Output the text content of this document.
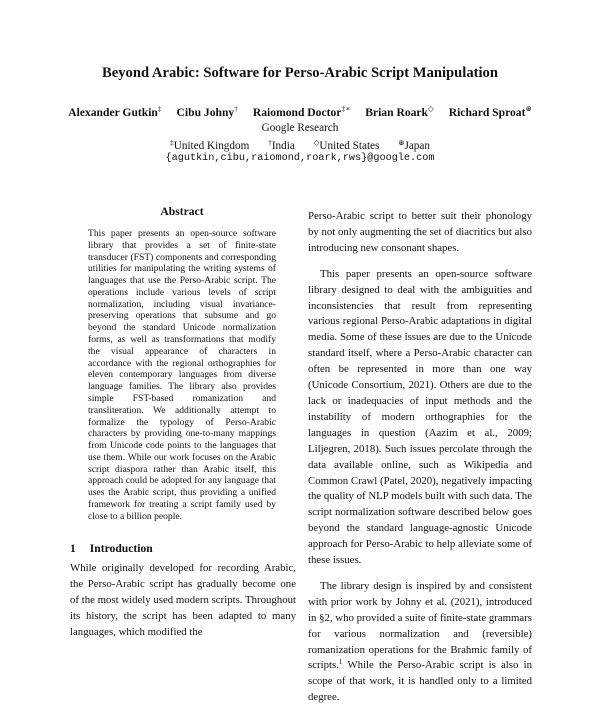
Beyond Arabic: Software for Perso-Arabic Script Manipulation
Alexander Gutkin‡ Cibu Johny† Raiomond Doctor‡∗ Brian Roark◇ Richard Sproat⊛
Google Research
‡United Kingdom	†India	◇United States	⊛Japan
{agutkin,cibu,raiomond,roark,rws}@google.com
Abstract
This paper presents an open-source software library that provides a set of finite-state transducer (FST) components and corresponding utilities for manipulating the writing systems of languages that use the Perso-Arabic script. The operations include various levels of script normalization, including visual invariance-preserving operations that subsume and go beyond the standard Unicode normalization forms, as well as transformations that modify the visual appearance of characters in accordance with the regional orthographies for eleven contemporary languages from diverse language families. The library also provides simple FST-based romanization and transliteration. We additionally attempt to formalize the typology of Perso-Arabic characters by providing one-to-many mappings from Unicode code points to the languages that use them. While our work focuses on the Arabic script diaspora rather than Arabic itself, this approach could be adopted for any language that uses the Arabic script, thus providing a unified framework for treating a script family used by close to a billion people.
1 Introduction
While originally developed for recording Arabic, the Perso-Arabic script has gradually become one of the most widely used modern scripts. Throughout its history, the script has been adapted to many languages, which modified the

Perso-Arabic script to better suit their phonology by not only augmenting the set of diacritics but also introducing new consonant shapes.

This paper presents an open-source software library designed to deal with the ambiguities and inconsistencies that result from representing various regional Perso-Arabic adaptations in digital media. Some of these issues are due to the Unicode standard itself, where a Perso-Arabic character can often be represented in more than one way (Unicode Consortium, 2021). Others are due to the lack or inadequacies of input methods and the instability of modern orthographies for the languages in question (Aazim et al., 2009; Liljegren, 2018). Such issues percolate through the data available online, such as Wikipedia and Common Crawl (Patel, 2020), negatively impacting the quality of NLP models built with such data. The script normalization software described below goes beyond the standard language-agnostic Unicode approach for Perso-Arabic to help alleviate some of these issues.

The library design is inspired by and consistent with prior work by Johny et al. (2021), introduced in §2, who provided a suite of finite-state grammars for various normalization and (reversible) romanization operations for the Brahmic family of scripts.$^1$ While the Perso-Arabic script is also in scope of that work, it is handled only to a limited degree.
